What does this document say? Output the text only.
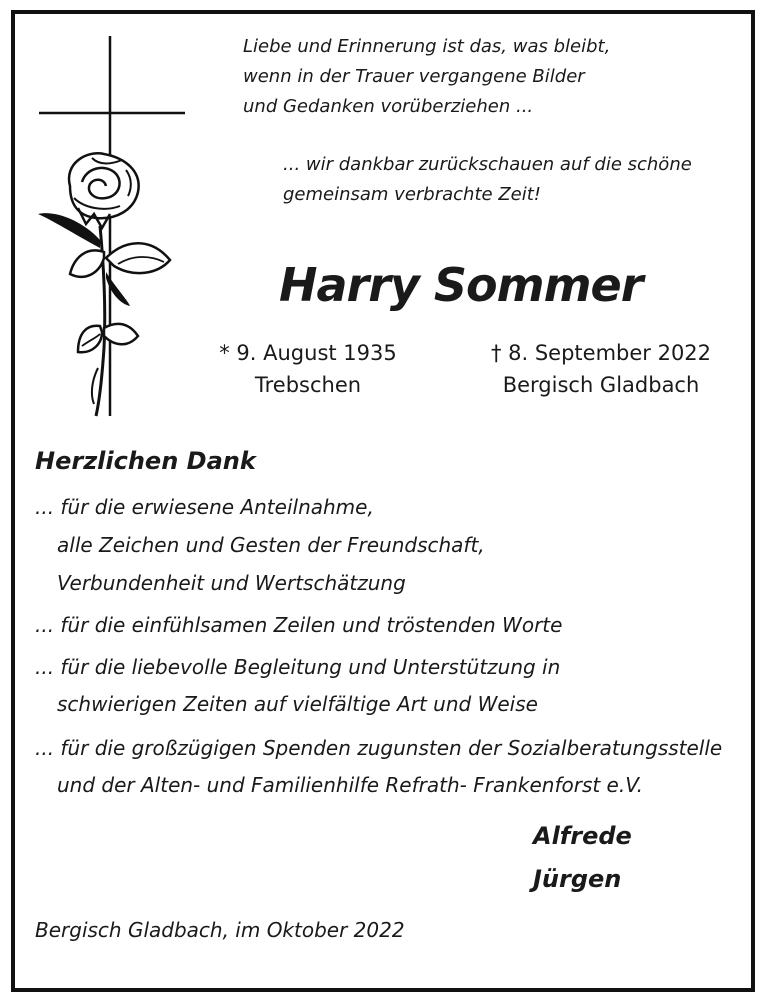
Liebe und Erinnerung ist das, was bleibt,
wenn in der Trauer vergangene Bilder
und Gedanken vorüberziehen ...
... wir dankbar zurückschauen auf die schöne
gemeinsam verbrachte Zeit!
Harry Sommer
* 9. August 1935
Trebschen
† 8. September 2022
Bergisch Gladbach
Herzlichen Dank
... für die erwiesene Anteilnahme,
alle Zeichen und Gesten der Freundschaft,
Verbundenheit und Wertschätzung
... für die einfühlsamen Zeilen und tröstenden Worte
... für die liebevolle Begleitung und Unterstützung in
schwierigen Zeiten auf vielfältige Art und Weise
... für die großzügigen Spenden zugunsten der Sozialberatungsstelle
und der Alten- und Familienhilfe Refrath- Frankenforst e.V.
Alfrede
Jürgen
Bergisch Gladbach, im Oktober 2022
